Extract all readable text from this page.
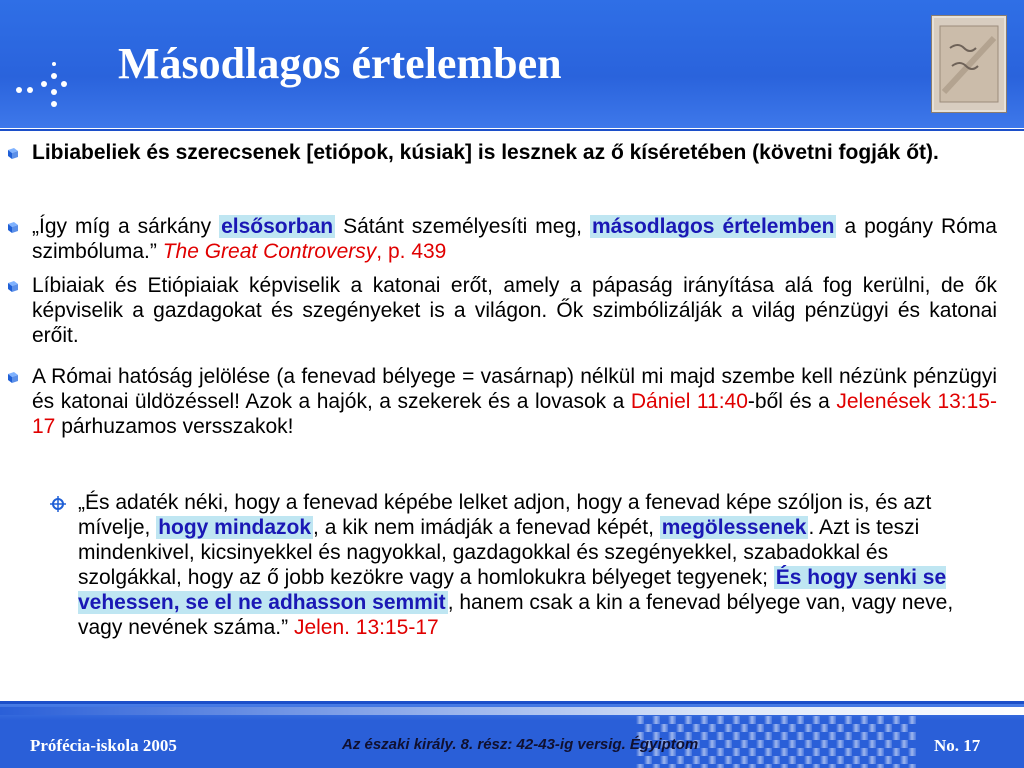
Másodlagos értelemben
Libiabeliek és szerecsenek [etiópok, kúsiak] is lesznek az ő kíséretében (követni fogják őt).
„Így míg a sárkány elsősorban Sátánt személyesíti meg, másodlagos értelemben a pogány Róma szimbóluma.” The Great Controversy, p. 439
Líbiaiak és Etiópiaiak képviselik a katonai erőt, amely a pápaság irányítása alá fog kerülni, de ők képviselik a gazdagokat és szegényeket is a világon. Ők szimbólizálják a világ pénzügyi és katonai erőit.
A Római hatóság jelölése (a fenevad bélyege = vasárnap) nélkül mi majd szembe kell nézünk pénzügyi és katonai üldözéssel! Azok a hajók, a szekerek és a lovasok a Dániel 11:40-ből és a Jelenések 13:15-17 párhuzamos versszakok!
„És adaték néki, hogy a fenevad képébe lelket adjon, hogy a fenevad képe szóljon is, és azt mívelje, hogy mindazok, a kik nem imádják a fenevad képét, megölessenek. Azt is teszi mindenkivel, kicsinyekkel és nagyokkal, gazdagokkal és szegényekkel, szabadokkal és szolgákkal, hogy az ő jobb kezökre vagy a homlokukra bélyeget tegyenek; És hogy senki se vehessen, se el ne adhasson semmit, hanem csak a kin a fenevad bélyege van, vagy neve, vagy nevének száma.” Jelen. 13:15-17
Prófécia-iskola 2005	Az északi király. 8. rész: 42-43-ig versig. Égyiptom	No. 17
